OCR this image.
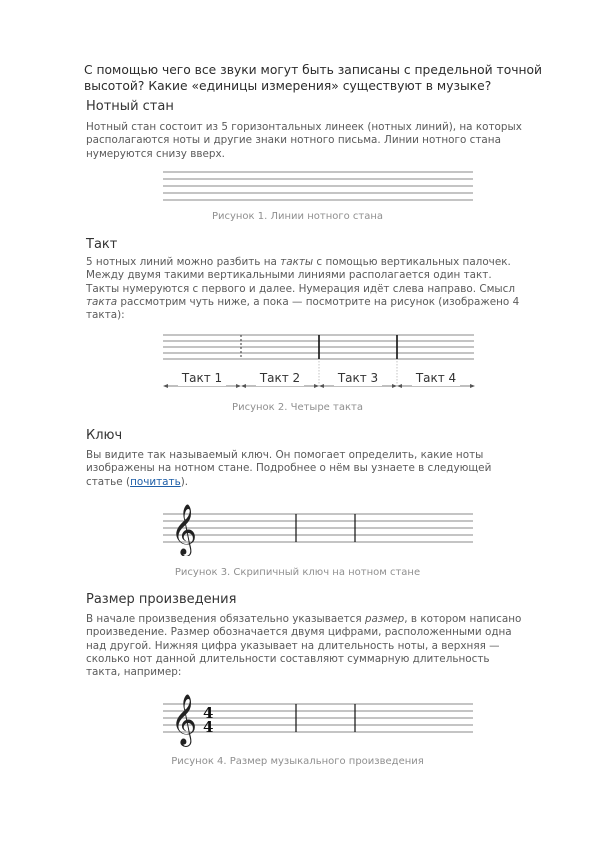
С помощью чего все звуки могут быть записаны с предельной точной высотой? Какие «единицы измерения» существуют в музыке?
Нотный стан
Нотный стан состоит из 5 горизонтальных линеек (нотных линий), на которых располагаются ноты и другие знаки нотного письма. Линии нотного стана нумеруются снизу вверх.
Рисунок 1. Линии нотного стана
Такт
5 нотных линий можно разбить на такты с помощью вертикальных палочек. Между двумя такими вертикальными линиями располагается один такт. Такты нумеруются с первого и далее. Нумерация идёт слева направо. Смысл такта рассмотрим чуть ниже, а пока — посмотрите на рисунок (изображено 4 такта):
Такт 1	Такт 2	Такт 3	Такт 4
Рисунок 2. Четыре такта
Ключ
Вы видите так называемый ключ. Он помогает определить, какие ноты изображены на нотном стане. Подробнее о нём вы узнаете в следующей статье (почитать).
𝄞
Рисунок 3. Скрипичный ключ на нотном стане
Размер произведения
В начале произведения обязательно указывается размер, в котором написано произведение. Размер обозначается двумя цифрами, расположенными одна над другой. Нижняя цифра указывает на длительность ноты, а верхняя — сколько нот данной длительности составляют суммарную длительность такта, например:
𝄞 4
4
Рисунок 4. Размер музыкального произведения
